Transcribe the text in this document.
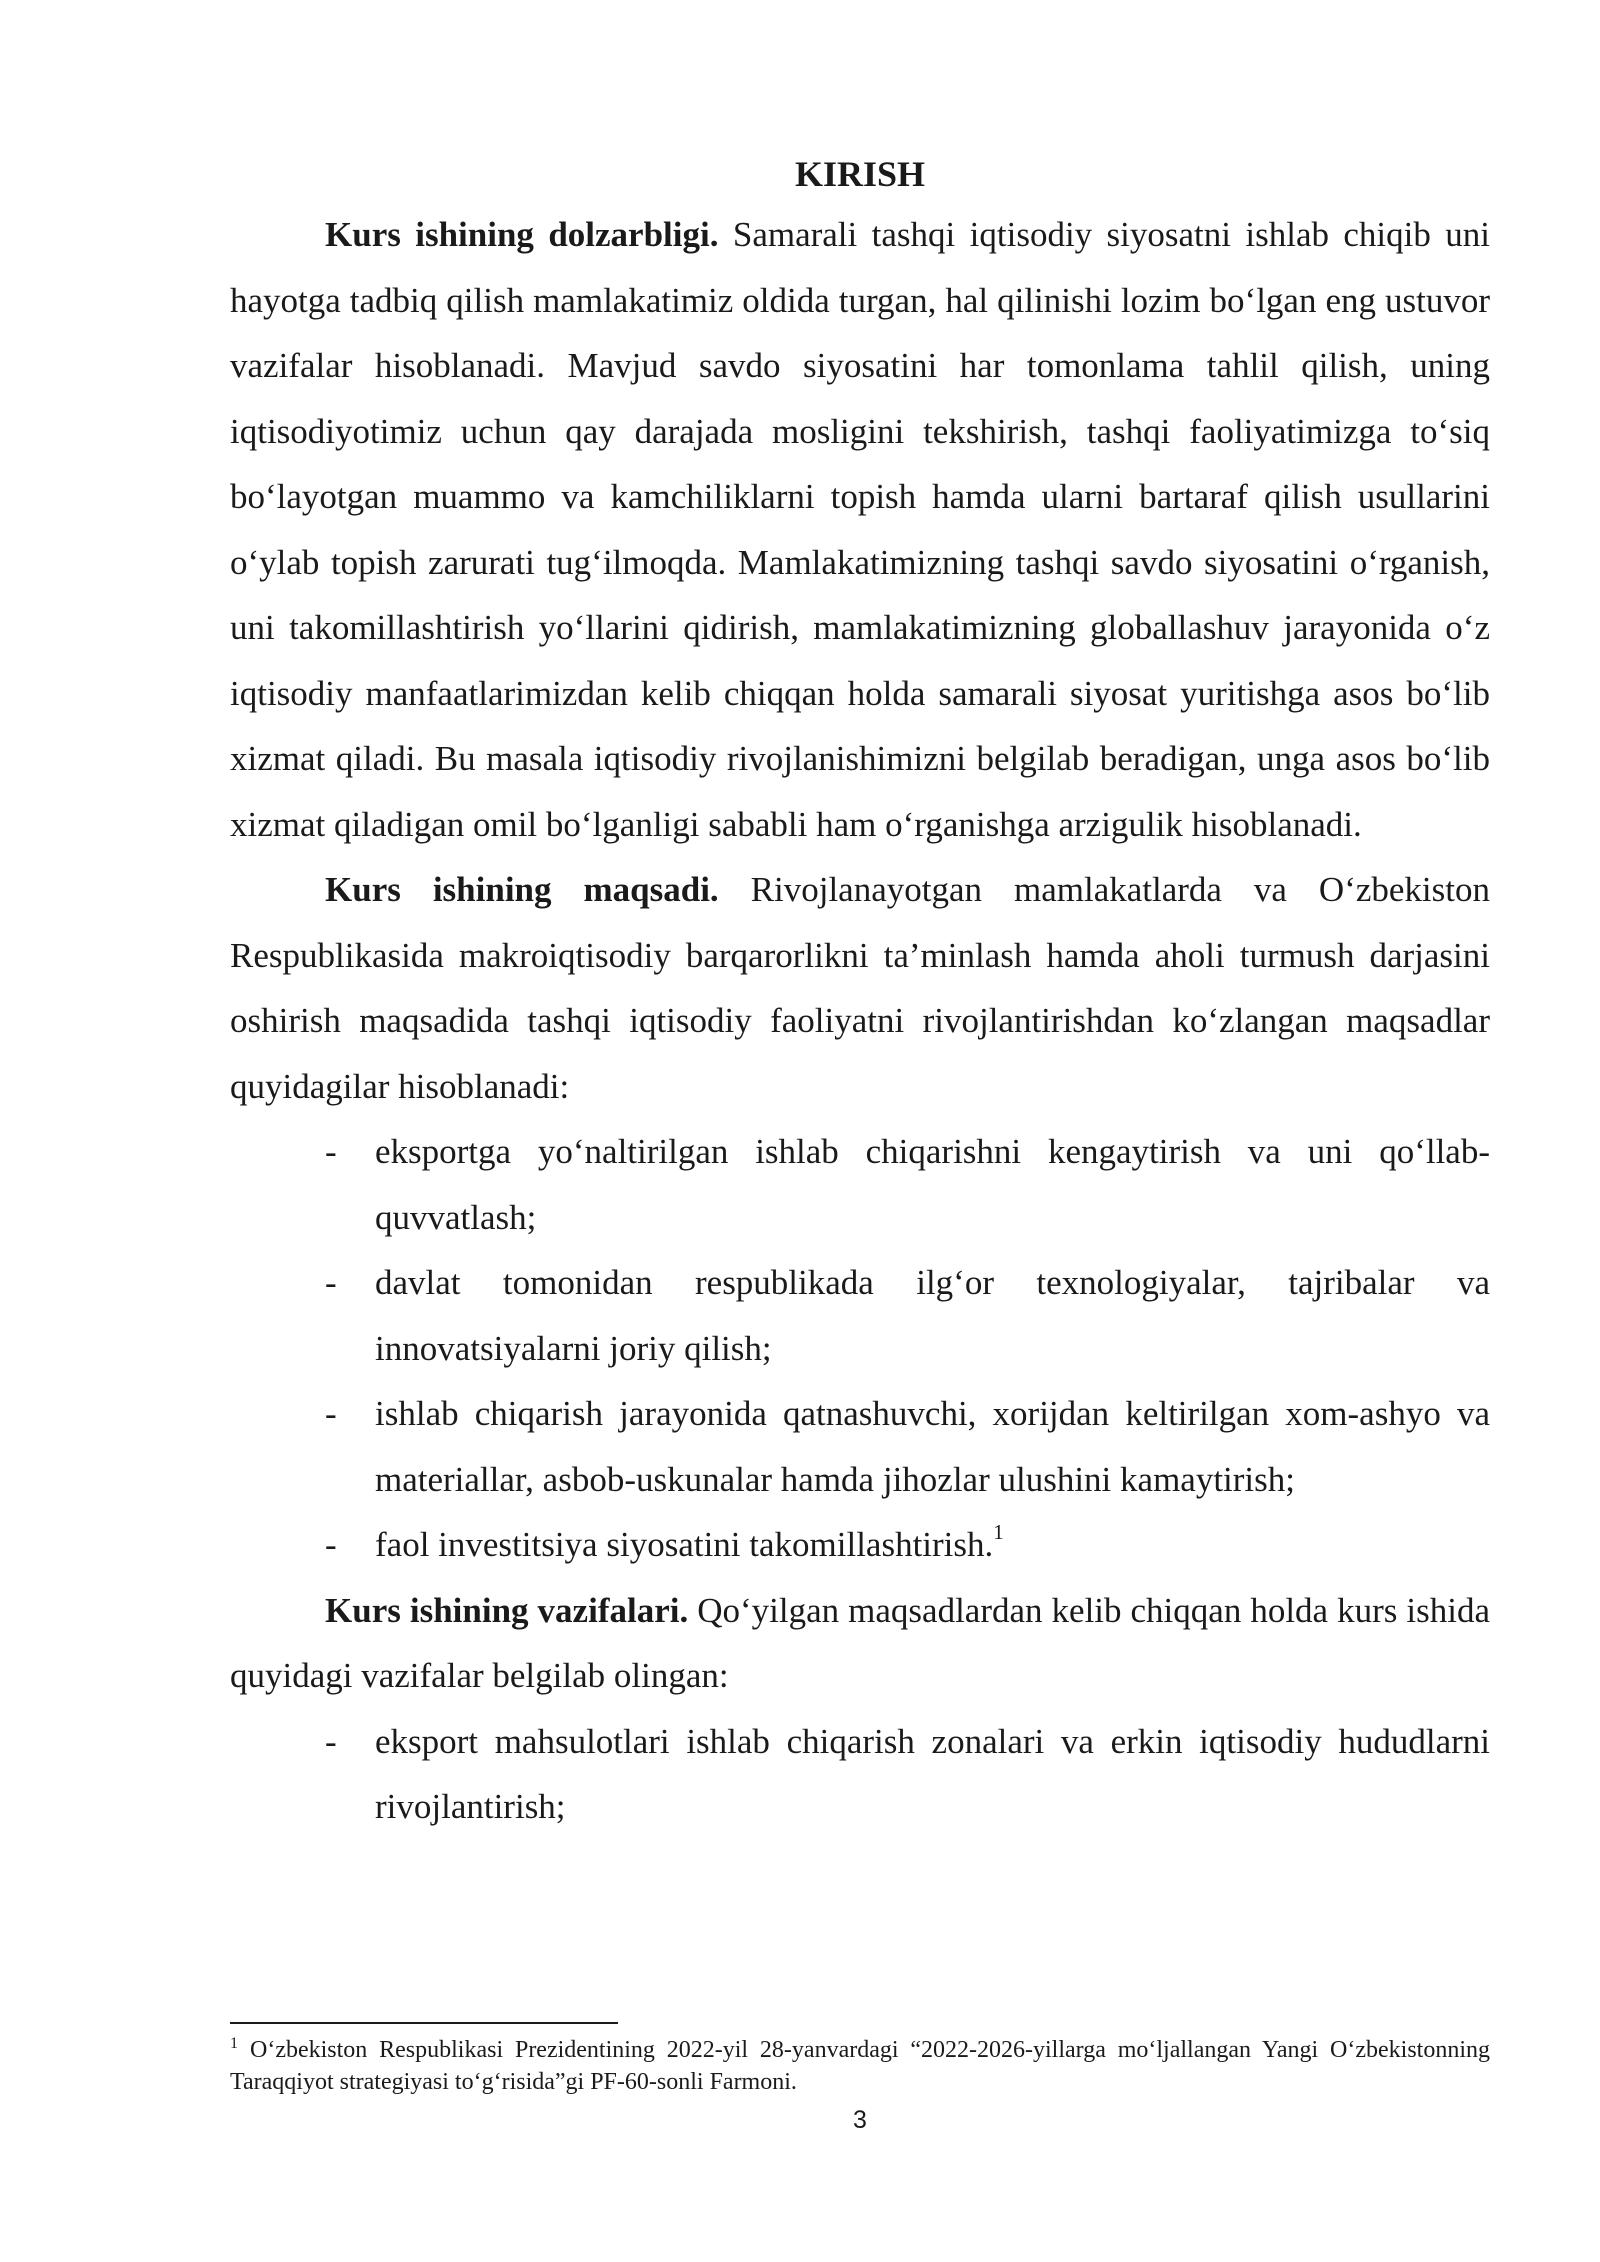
KIRISH

Kurs ishining dolzarbligi. Samarali tashqi iqtisodiy siyosatni ishlab chiqib uni hayotga tadbiq qilish mamlakatimiz oldida turgan, hal qilinishi lozim bo‘lgan eng ustuvor vazifalar hisoblanadi. Mavjud savdo siyosatini har tomonlama tahlil qilish, uning iqtisodiyotimiz uchun qay darajada mosligini tekshirish, tashqi faoliyatimizga to‘siq bo‘layotgan muammo va kamchiliklarni topish hamda ularni bartaraf qilish usullarini o‘ylab topish zarurati tug‘ilmoqda. Mamlakatimizning tashqi savdo siyosatini o‘rganish, uni takomillashtirish yo‘llarini qidirish, mamlakatimizning globallashuv jarayonida o‘z iqtisodiy manfaatlarimizdan kelib chiqqan holda samarali siyosat yuritishga asos bo‘lib xizmat qiladi. Bu masala iqtisodiy rivojlanishimizni belgilab beradigan, unga asos bo‘lib xizmat qiladigan omil bo‘lganligi sababli ham o‘rganishga arzigulik hisoblanadi.

Kurs ishining maqsadi. Rivojlanayotgan mamlakatlarda va O‘zbekiston Respublikasida makroiqtisodiy barqarorlikni ta’minlash hamda aholi turmush darjasini oshirish maqsadida tashqi iqtisodiy faoliyatni rivojlantirishdan ko‘zlangan maqsadlar quyidagilar hisoblanadi:

- eksportga yo‘naltirilgan ishlab chiqarishni kengaytirish va uni qo‘llab-quvvatlash;
- davlat tomonidan respublikada ilg‘or texnologiyalar, tajribalar va innovatsiyalarni joriy qilish;
- ishlab chiqarish jarayonida qatnashuvchi, xorijdan keltirilgan xom-ashyo va materiallar, asbob-uskunalar hamda jihozlar ulushini kamaytirish;
- faol investitsiya siyosatini takomillashtirish.$^1$

Kurs ishining vazifalari. Qo‘yilgan maqsadlardan kelib chiqqan holda kurs ishida quyidagi vazifalar belgilab olingan:

- eksport mahsulotlari ishlab chiqarish zonalari va erkin iqtisodiy hududlarni rivojlantirish;
$^1$ O‘zbekiston Respublikasi Prezidentining 2022-yil 28-yanvardagi “2022-2026-yillarga mo‘ljallangan Yangi O‘zbekistonning Taraqqiyot strategiyasi to‘g‘risida”gi PF-60-sonli Farmoni.
3
